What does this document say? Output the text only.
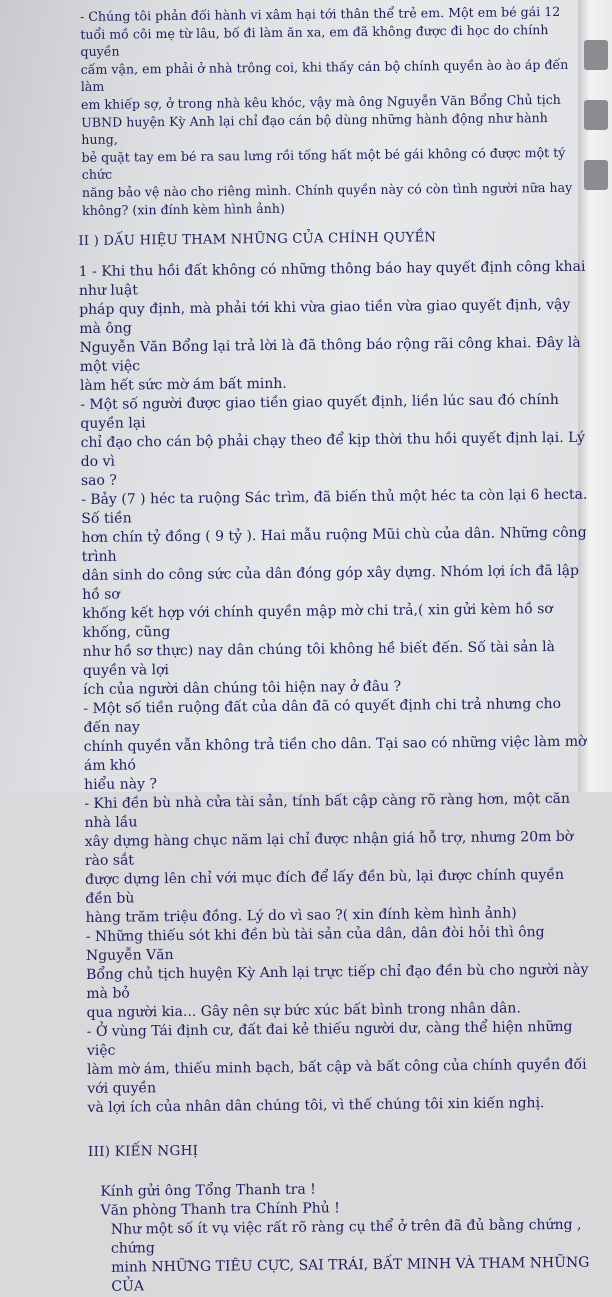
- Chúng tôi phản đối hành vi xâm hại tới thân thể trẻ em. Một em bé gái 12
tuổi mồ côi mẹ từ lâu, bố đi làm ăn xa, em đã không được đi học do chính quyền
cấm vận, em phải ở nhà trông coi, khi thấy cán bộ chính quyền ào ào áp đến làm
em khiếp sợ, ở trong nhà kêu khóc, vậy mà ông Nguyễn Văn Bổng Chủ tịch
UBND huyện Kỳ Anh lại chỉ đạo cán bộ dùng những hành động như hành hung,
bẻ quặt tay em bé ra sau lưng rồi tống hất một bé gái không có được một tý chức
năng bảo vệ nào cho riêng mình. Chính quyền này có còn tình người nữa hay
không? (xin đính kèm hình ảnh)

II ) DẤU HIỆU THAM NHŨNG CỦA CHÍNH QUYỀN

1 - Khi thu hồi đất không có những thông báo hay quyết định công khai như luật
pháp quy định, mà phải tới khi vừa giao tiền vừa giao quyết định, vậy mà ông
Nguyễn Văn Bổng lại trả lời là đã thông báo rộng rãi công khai. Đây là một việc
làm hết sức mờ ám bất minh.

- Một số người được giao tiền giao quyết định, liền lúc sau đó chính quyền lại
chỉ đạo cho cán bộ phải chạy theo để kịp thời thu hồi quyết định lại. Lý do vì
sao ?

- Bảy (7 ) héc ta ruộng Sác trìm, đã biến thủ một héc ta còn lại 6 hecta. Số tiền
hơn chín tỷ đồng ( 9 tỷ ). Hai mẫu ruộng Mũi chù của dân. Những công trình
dân sinh do công sức của dân đóng góp xây dựng. Nhóm lợi ích đã lập hồ sơ
khống kết hợp với chính quyền mập mờ chi trả,( xin gửi kèm hồ sơ khống, cũng
như hồ sơ thực) nay dân chúng tôi không hề biết đến. Số tài sản là quyền và lợi
ích của người dân chúng tôi hiện nay ở đâu ?

- Một số tiền ruộng đất của dân đã có quyết định chi trả nhưng cho đến nay
chính quyền vẫn không trả tiền cho dân. Tại sao có những việc làm mờ ám khó
hiểu này ?

- Khi đền bù nhà cửa tài sản, tính bất cập càng rõ ràng hơn, một căn nhà lầu
xây dựng hàng chục năm lại chỉ được nhận giá hỗ trợ, nhưng 20m bờ rào sắt
được dựng lên chỉ với mục đích để lấy đền bù, lại được chính quyền đền bù
hàng trăm triệu đồng. Lý do vì sao ?( xin đính kèm hình ảnh)

- Những thiếu sót khi đền bù tài sản của dân, dân đòi hỏi thì ông Nguyễn Văn
Bổng chủ tịch huyện Kỳ Anh lại trực tiếp chỉ đạo đền bù cho người này mà bỏ
qua người kia... Gây nên sự bức xúc bất bình trong nhân dân.

- Ở vùng Tái định cư, đất đai kẻ thiếu người dư, càng thể hiện những việc
làm mờ ám, thiếu minh bạch, bất cập và bất công của chính quyền đối với quyền
và lợi ích của nhân dân chúng tôi, vì thế chúng tôi xin kiến nghị.

III) KIẾN NGHỊ

Kính gửi ông Tổng Thanh tra !

Văn phòng Thanh tra Chính Phủ !

Như một số ít vụ việc rất rõ ràng cụ thể ở trên đã đủ bằng chứng , chứng
minh NHỮNG TIÊU CỰC, SAI TRÁI, BẤT MINH VÀ THAM NHŨNG CỦA
